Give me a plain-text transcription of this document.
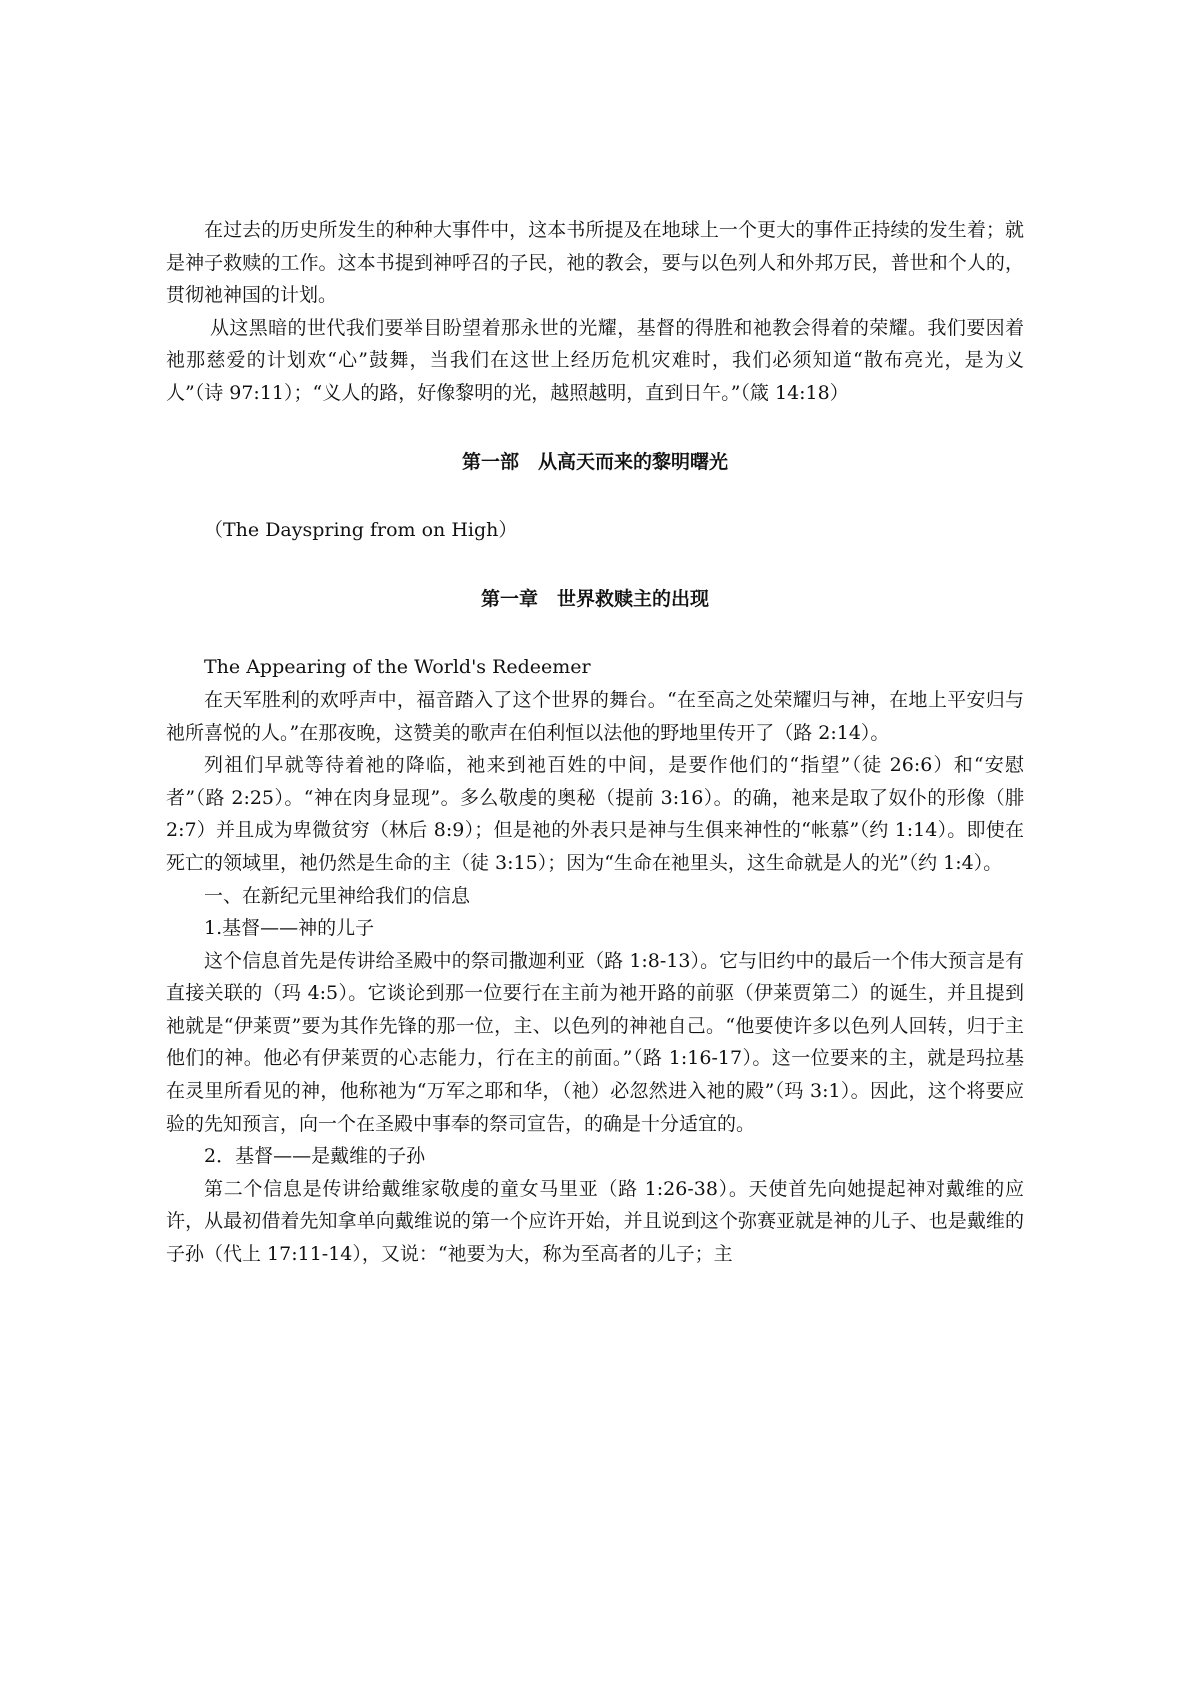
在过去的历史所发生的种种大事件中，这本书所提及在地球上一个更大的事件正持续的发生着；就是神子救赎的工作。这本书提到神呼召的子民，祂的教会，要与以色列人和外邦万民，普世和个人的，贯彻祂神国的计划。

从这黑暗的世代我们要举目盼望着那永世的光耀，基督的得胜和祂教会得着的荣耀。我们要因着祂那慈爱的计划欢“心”鼓舞，当我们在这世上经历危机灾难时，我们必须知道“散布亮光，是为义人”（诗 97:11）；“义人的路，好像黎明的光，越照越明，直到日午。”（箴 14:18）

第一部　从高天而来的黎明曙光

（The Dayspring from on High）

第一章　世界救赎主的出现

The Appearing of the World's Redeemer

在天军胜利的欢呼声中，福音踏入了这个世界的舞台。“在至高之处荣耀归与神，在地上平安归与祂所喜悦的人。”在那夜晚，这赞美的歌声在伯利恒以法他的野地里传开了（路 2:14）。

列祖们早就等待着祂的降临，祂来到祂百姓的中间，是要作他们的“指望”（徒 26:6）和“安慰者”（路 2:25）。“神在肉身显现”。多么敬虔的奥秘（提前 3:16）。的确，祂来是取了奴仆的形像（腓 2:7）并且成为卑微贫穷（林后 8:9）；但是祂的外表只是神与生俱来神性的“帐慕”（约 1:14）。即使在死亡的领域里，祂仍然是生命的主（徒 3:15）；因为“生命在祂里头，这生命就是人的光”（约 1:4）。

一、在新纪元里神给我们的信息

1.基督——神的儿子

这个信息首先是传讲给圣殿中的祭司撒迦利亚（路 1:8-13）。它与旧约中的最后一个伟大预言是有直接关联的（玛 4:5）。它谈论到那一位要行在主前为祂开路的前驱（伊莱贾第二）的诞生，并且提到祂就是“伊莱贾”要为其作先锋的那一位，主、以色列的神祂自己。“他要使许多以色列人回转，归于主他们的神。他必有伊莱贾的心志能力，行在主的前面。”（路 1:16-17）。这一位要来的主，就是玛拉基在灵里所看见的神，他称祂为“万军之耶和华，（祂）必忽然进入祂的殿”（玛 3:1）。因此，这个将要应验的先知预言，向一个在圣殿中事奉的祭司宣告，的确是十分适宜的。

2．基督——是戴维的子孙

第二个信息是传讲给戴维家敬虔的童女马里亚（路 1:26-38）。天使首先向她提起神对戴维的应许，从最初借着先知拿单向戴维说的第一个应许开始，并且说到这个弥赛亚就是神的儿子、也是戴维的子孙（代上 17:11-14），又说：“祂要为大，称为至高者的儿子；主
